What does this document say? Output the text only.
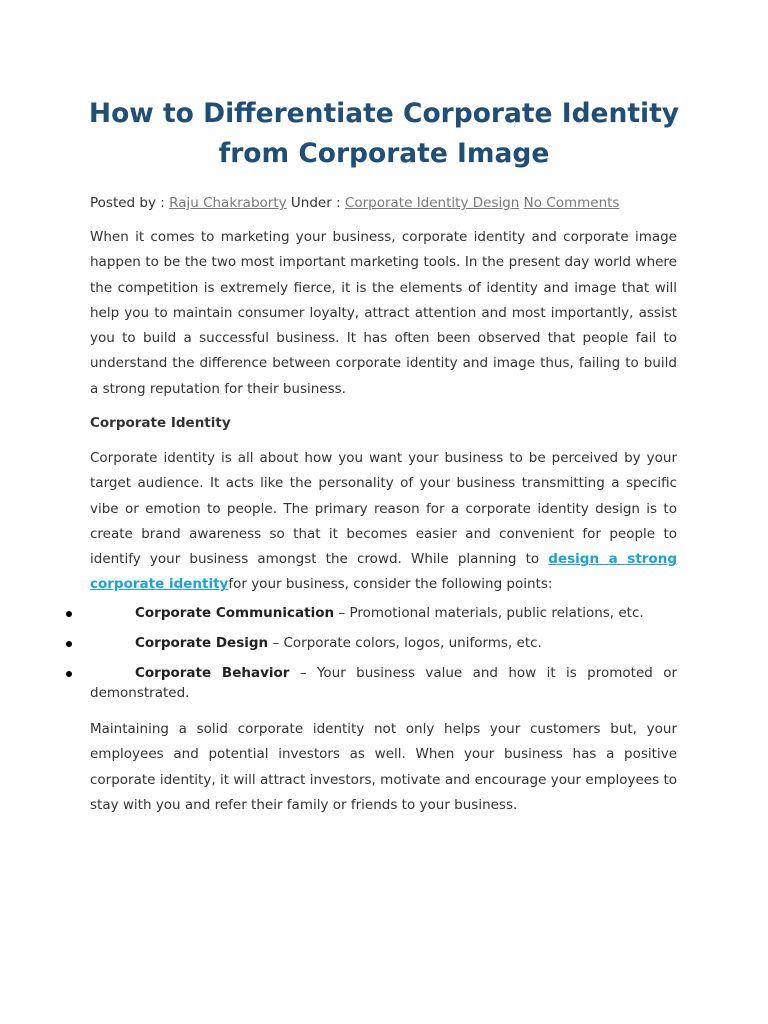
How to Differentiate Corporate Identity
from Corporate Image
Posted by : Raju Chakraborty Under : Corporate Identity Design No Comments

When it comes to marketing your business, corporate identity and corporate image happen to be the two most important marketing tools. In the present day world where the competition is extremely fierce, it is the elements of identity and image that will help you to maintain consumer loyalty, attract attention and most importantly, assist you to build a successful business. It has often been observed that people fail to understand the difference between corporate identity and image thus, failing to build a strong reputation for their business.

Corporate Identity

Corporate identity is all about how you want your business to be perceived by your target audience. It acts like the personality of your business transmitting a specific vibe or emotion to people. The primary reason for a corporate identity design is to create brand awareness so that it becomes easier and convenient for people to identify your business amongst the crowd. While planning to design a strong corporate identityfor your business, consider the following points:

Corporate Communication – Promotional materials, public relations, etc.
Corporate Design – Corporate colors, logos, uniforms, etc.
Corporate Behavior – Your business value and how it is promoted or demonstrated.

Maintaining a solid corporate identity not only helps your customers but, your employees and potential investors as well. When your business has a positive corporate identity, it will attract investors, motivate and encourage your employees to stay with you and refer their family or friends to your business.
